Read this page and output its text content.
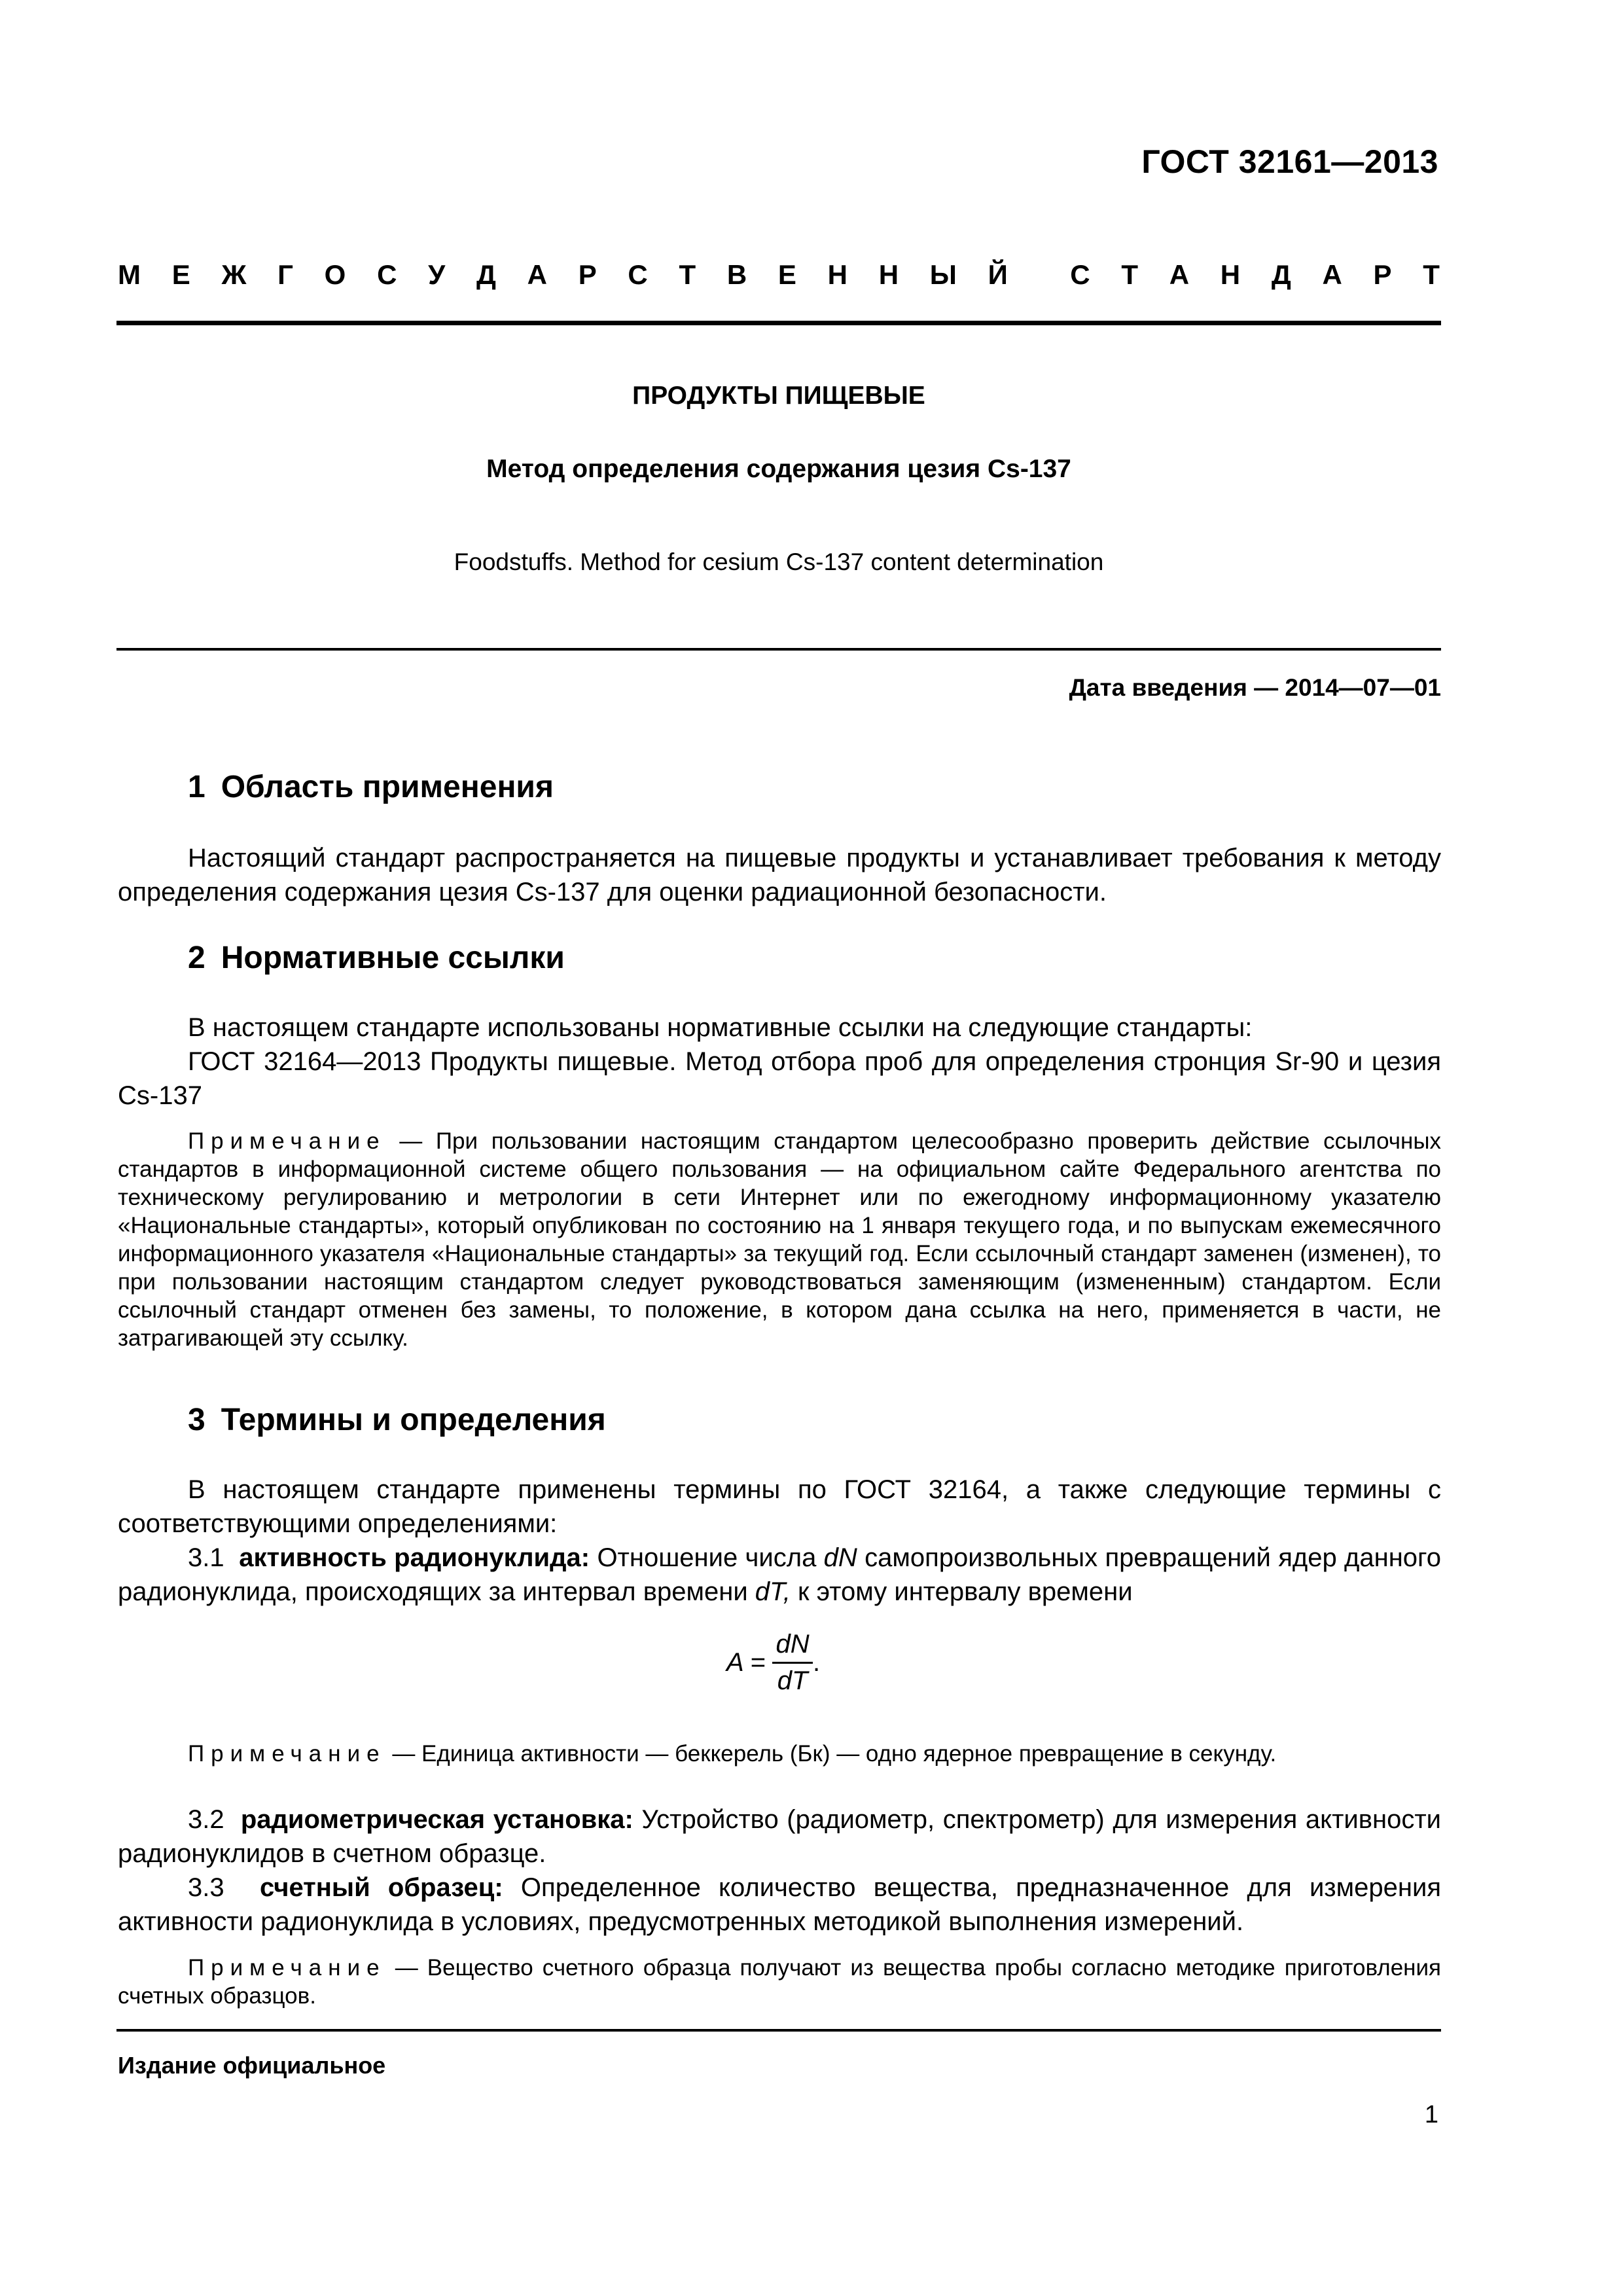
ГОСТ 32161—2013
М Е Ж Г О С У Д А Р С Т В Е Н Н Ы Й С Т А Н Д А Р Т
ПРОДУКТЫ ПИЩЕВЫЕ
Метод определения содержания цезия Cs-137
Foodstuffs. Method for cesium Cs-137 content determination
Дата введения — 2014—07—01
1 Область применения
Настоящий стандарт распространяется на пищевые продукты и устанавливает требования к методу определения содержания цезия Cs-137 для оценки радиационной безопасности.
2 Нормативные ссылки
В настоящем стандарте использованы нормативные ссылки на следующие стандарты:
ГОСТ 32164—2013 Продукты пищевые. Метод отбора проб для определения стронция Sr-90 и цезия Cs-137
Примечание — При пользовании настоящим стандартом целесообразно проверить действие ссылочных стандартов в информационной системе общего пользования — на официальном сайте Федерального агентства по техническому регулированию и метрологии в сети Интернет или по ежегодному информационному указателю «Национальные стандарты», который опубликован по состоянию на 1 января текущего года, и по выпускам ежемесячного информационного указателя «Национальные стандарты» за текущий год. Если ссылочный стандарт заменен (изменен), то при пользовании настоящим стандартом следует руководствоваться заменяющим (измененным) стандартом. Если ссылочный стандарт отменен без замены, то положение, в котором дана ссылка на него, применяется в части, не затрагивающей эту ссылку.
3 Термины и определения
В настоящем стандарте применены термины по ГОСТ 32164, а также следующие термины с соответствующими определениями:
3.1 активность радионуклида: Отношение числа dN самопроизвольных превращений ядер данного радионуклида, происходящих за интервал времени dT, к этому интервалу времени
$A = \frac{dN}{dT}$ .
Примечание — Единица активности — беккерель (Бк) — одно ядерное превращение в секунду.
3.2 радиометрическая установка: Устройство (радиометр, спектрометр) для измерения активности радионуклидов в счетном образце.
3.3 счетный образец: Определенное количество вещества, предназначенное для измерения активности радионуклида в условиях, предусмотренных методикой выполнения измерений.
Примечание — Вещество счетного образца получают из вещества пробы согласно методике приготовления счетных образцов.
Издание официальное
1
